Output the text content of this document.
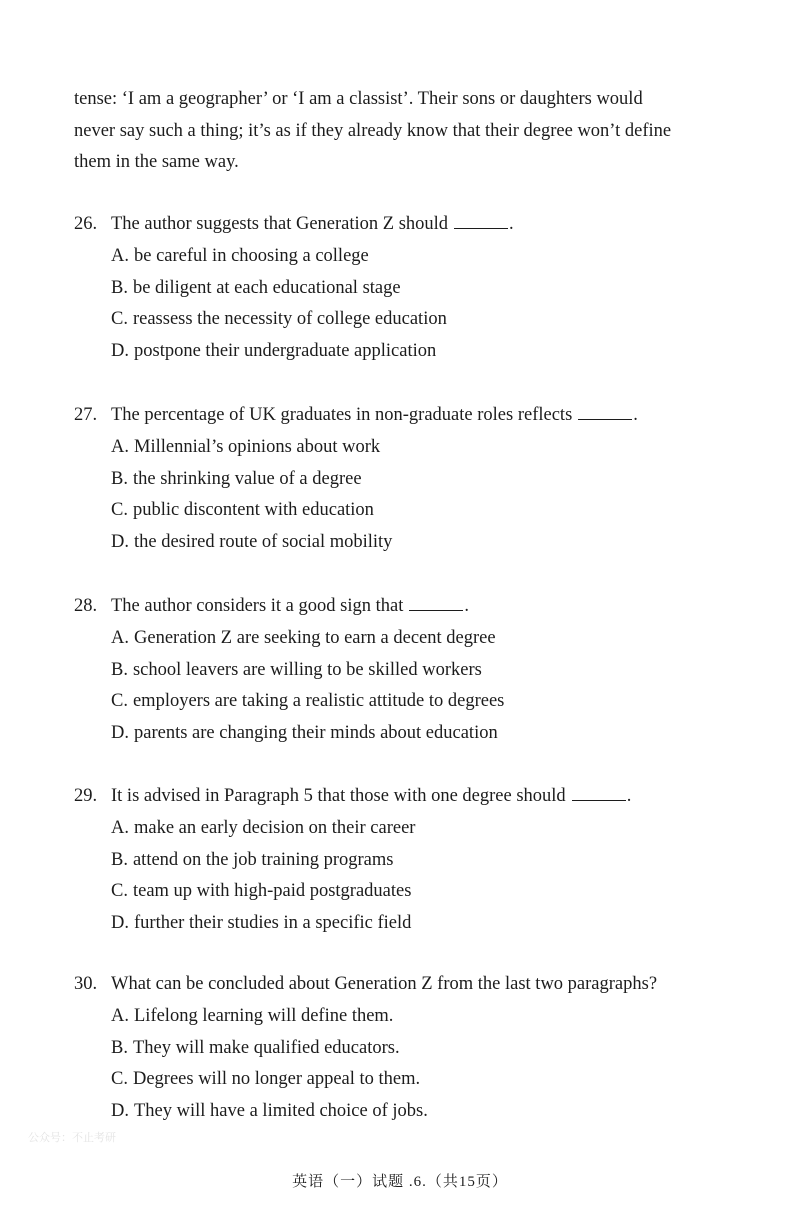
tense: ‘I am a geographer’ or ‘I am a classist’. Their sons or daughters would
never say such a thing; it’s as if they already know that their degree won’t define
them in the same way.
26. The author suggests that Generation Z should	.
A. be careful in choosing a college
B. be diligent at each educational stage
C. reassess the necessity of college education
D. postpone their undergraduate application
27. The percentage of UK graduates in non-graduate roles reflects	.
A. Millennial’s opinions about work
B. the shrinking value of a degree
C. public discontent with education
D. the desired route of social mobility
28. The author considers it a good sign that	.
A. Generation Z are seeking to earn a decent degree
B. school leavers are willing to be skilled workers
C. employers are taking a realistic attitude to degrees
D. parents are changing their minds about education
29. It is advised in Paragraph 5 that those with one degree should	.
A. make an early decision on their career
B. attend on the job training programs
C. team up with high-paid postgraduates
D. further their studies in a specific field
30. What can be concluded about Generation Z from the last two paragraphs?
A. Lifelong learning will define them.
B. They will make qualified educators.
C. Degrees will no longer appeal to them.
D. They will have a limited choice of jobs.
公众号：不止考研
英语（一）试题 .6.（共15页）
